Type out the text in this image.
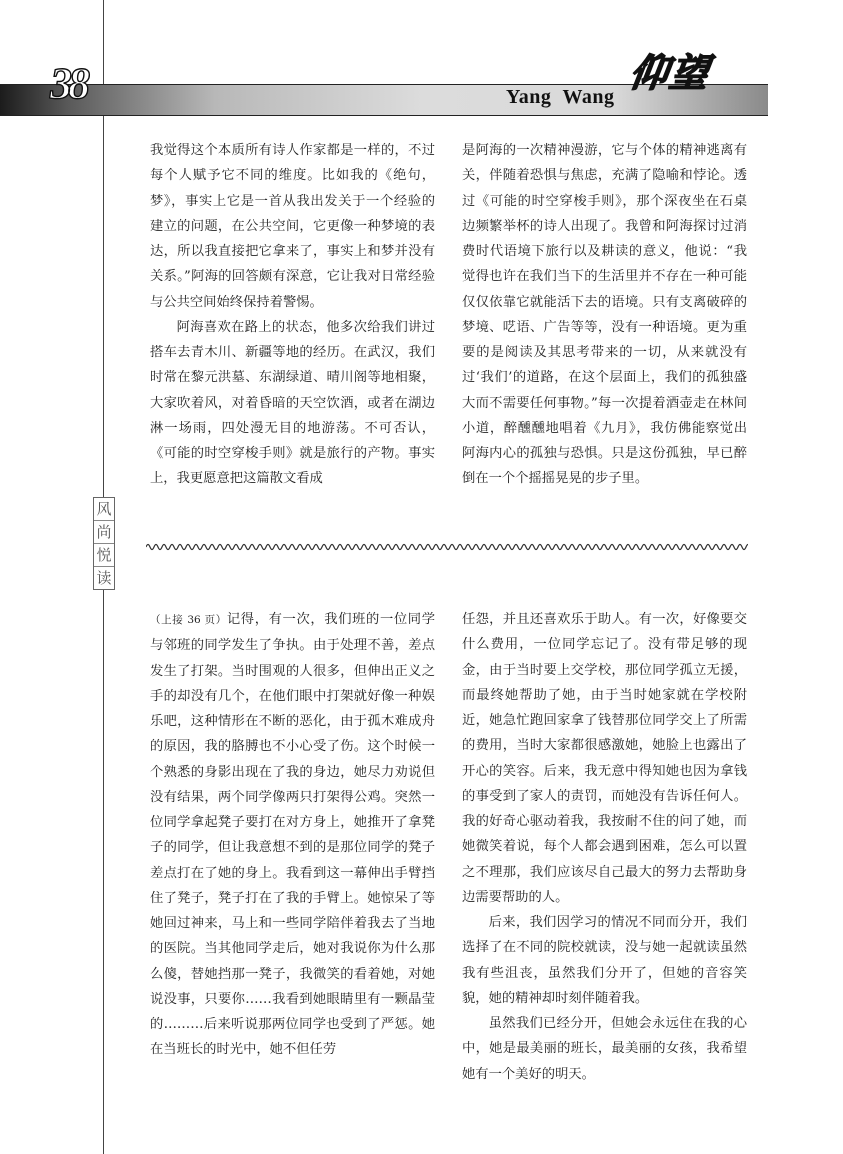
38	Yang Wang
仰望
风
尚
悦
读

我觉得这个本质所有诗人作家都是一样的，不过每个人赋予它不同的维度。比如我的《绝句，梦》，事实上它是一首从我出发关于一个经验的建立的问题，在公共空间，它更像一种梦境的表达，所以我直接把它拿来了，事实上和梦并没有关系。”阿海的回答颇有深意，它让我对日常经验与公共空间始终保持着警惕。

阿海喜欢在路上的状态，他多次给我们讲过搭车去青木川、新疆等地的经历。在武汉，我们时常在黎元洪墓、东湖绿道、晴川阁等地相聚，大家吹着风，对着昏暗的天空饮酒，或者在湖边淋一场雨，四处漫无目的地游荡。不可否认，《可能的时空穿梭手则》就是旅行的产物。事实上，我更愿意把这篇散文看成

是阿海的一次精神漫游，它与个体的精神逃离有关，伴随着恐惧与焦虑，充满了隐喻和悖论。透过《可能的时空穿梭手则》，那个深夜坐在石桌边频繁举杯的诗人出现了。我曾和阿海探讨过消费时代语境下旅行以及耕读的意义，他说：“我觉得也许在我们当下的生活里并不存在一种可能仅仅依靠它就能活下去的语境。只有支离破碎的梦境、呓语、广告等等，没有一种语境。更为重要的是阅读及其思考带来的一切，从来就没有过‘我们’的道路，在这个层面上，我们的孤独盛大而不需要任何事物。”每一次提着酒壶走在林间小道，醉醺醺地唱着《九月》，我仿佛能察觉出阿海内心的孤独与恐惧。只是这份孤独，早已醉倒在一个个摇摇晃晃的步子里。

（上接 36 页）记得，有一次，我们班的一位同学与邻班的同学发生了争执。由于处理不善，差点发生了打架。当时围观的人很多，但伸出正义之手的却没有几个，在他们眼中打架就好像一种娱乐吧，这种情形在不断的恶化，由于孤木难成舟的原因，我的胳膊也不小心受了伤。这个时候一个熟悉的身影出现在了我的身边，她尽力劝说但没有结果，两个同学像两只打架得公鸡。突然一位同学拿起凳子要打在对方身上，她推开了拿凳子的同学，但让我意想不到的是那位同学的凳子差点打在了她的身上。我看到这一幕伸出手臂挡住了凳子，凳子打在了我的手臂上。她惊呆了等她回过神来，马上和一些同学陪伴着我去了当地的医院。当其他同学走后，她对我说你为什么那么傻，替她挡那一凳子，我微笑的看着她，对她说没事，只要你……我看到她眼睛里有一颗晶莹的………后来听说那两位同学也受到了严惩。她在当班长的时光中，她不但任劳

任怨，并且还喜欢乐于助人。有一次，好像要交什么费用，一位同学忘记了。没有带足够的现金，由于当时要上交学校，那位同学孤立无援，而最终她帮助了她，由于当时她家就在学校附近，她急忙跑回家拿了钱替那位同学交上了所需的费用，当时大家都很感激她，她脸上也露出了开心的笑容。后来，我无意中得知她也因为拿钱的事受到了家人的责罚，而她没有告诉任何人。我的好奇心驱动着我，我按耐不住的问了她，而她微笑着说，每个人都会遇到困难，怎么可以置之不理那，我们应该尽自己最大的努力去帮助身边需要帮助的人。

后来，我们因学习的情况不同而分开，我们选择了在不同的院校就读，没与她一起就读虽然我有些沮丧，虽然我们分开了，但她的音容笑貌，她的精神却时刻伴随着我。

虽然我们已经分开，但她会永远住在我的心中，她是最美丽的班长，最美丽的女孩，我希望她有一个美好的明天。
